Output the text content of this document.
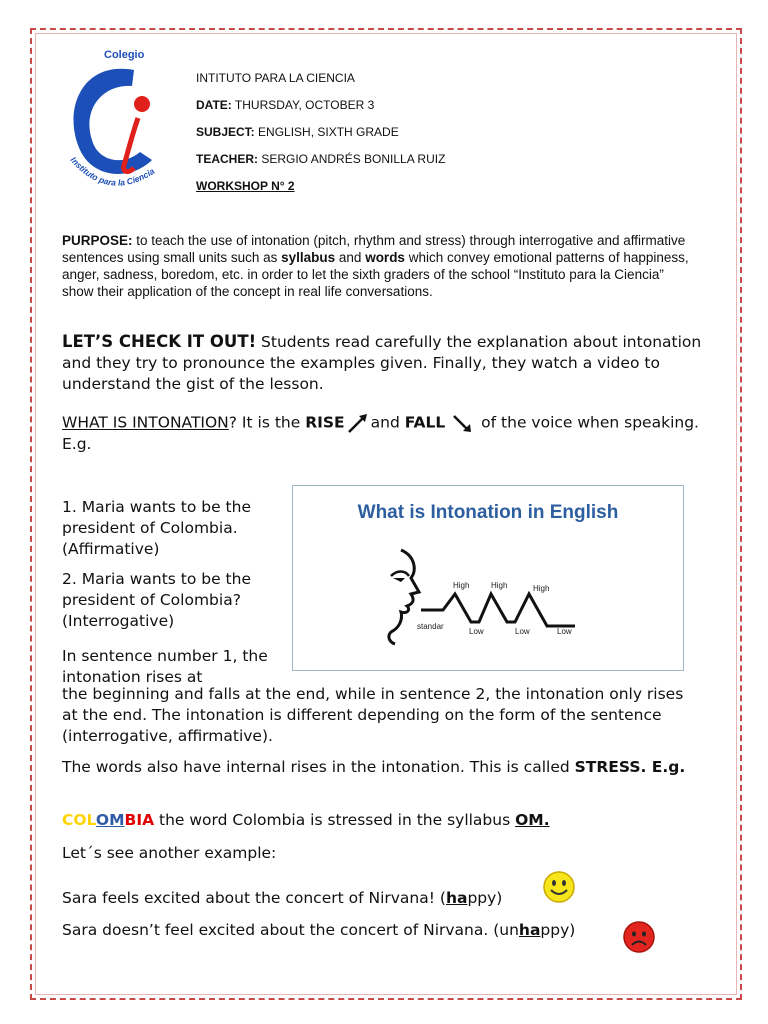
Colegio
Instituto para la Ciencia
INTITUTO PARA LA CIENCIA
DATE: THURSDAY, OCTOBER 3
SUBJECT: ENGLISH, SIXTH GRADE
TEACHER: SERGIO ANDRÉS BONILLA RUIZ
WORKSHOP N° 2
PURPOSE: to teach the use of intonation (pitch, rhythm and stress) through interrogative and affirmative sentences using small units such as syllabus and words which convey emotional patterns of happiness, anger, sadness, boredom, etc. in order to let the sixth graders of the school “Instituto para la Ciencia” show their application of the concept in real life conversations.
LET’S CHECK IT OUT! Students read carefully the explanation about intonation and they try to pronounce the examples given. Finally, they watch a video to understand the gist of the lesson.
WHAT IS INTONATION? It is the RISE and FALL  of the voice when speaking. E.g.
1. Maria wants to be the president of Colombia. (Affirmative)
2. Maria wants to be the president of Colombia? (Interrogative)
In sentence number 1, the intonation rises at
the beginning and falls at the end, while in sentence 2, the intonation only rises at the end. The intonation is different depending on the form of the sentence (interrogative, affirmative).
The words also have internal rises in the intonation. This is called STRESS. E.g.
What is Intonation in English
High	High	High
standar
Low	Low	Low
COLOMBIA the word Colombia is stressed in the syllabus OM.
Let´s see another example:
Sara feels excited about the concert of Nirvana! (happy)
Sara doesn’t feel excited about the concert of Nirvana. (unhappy)
